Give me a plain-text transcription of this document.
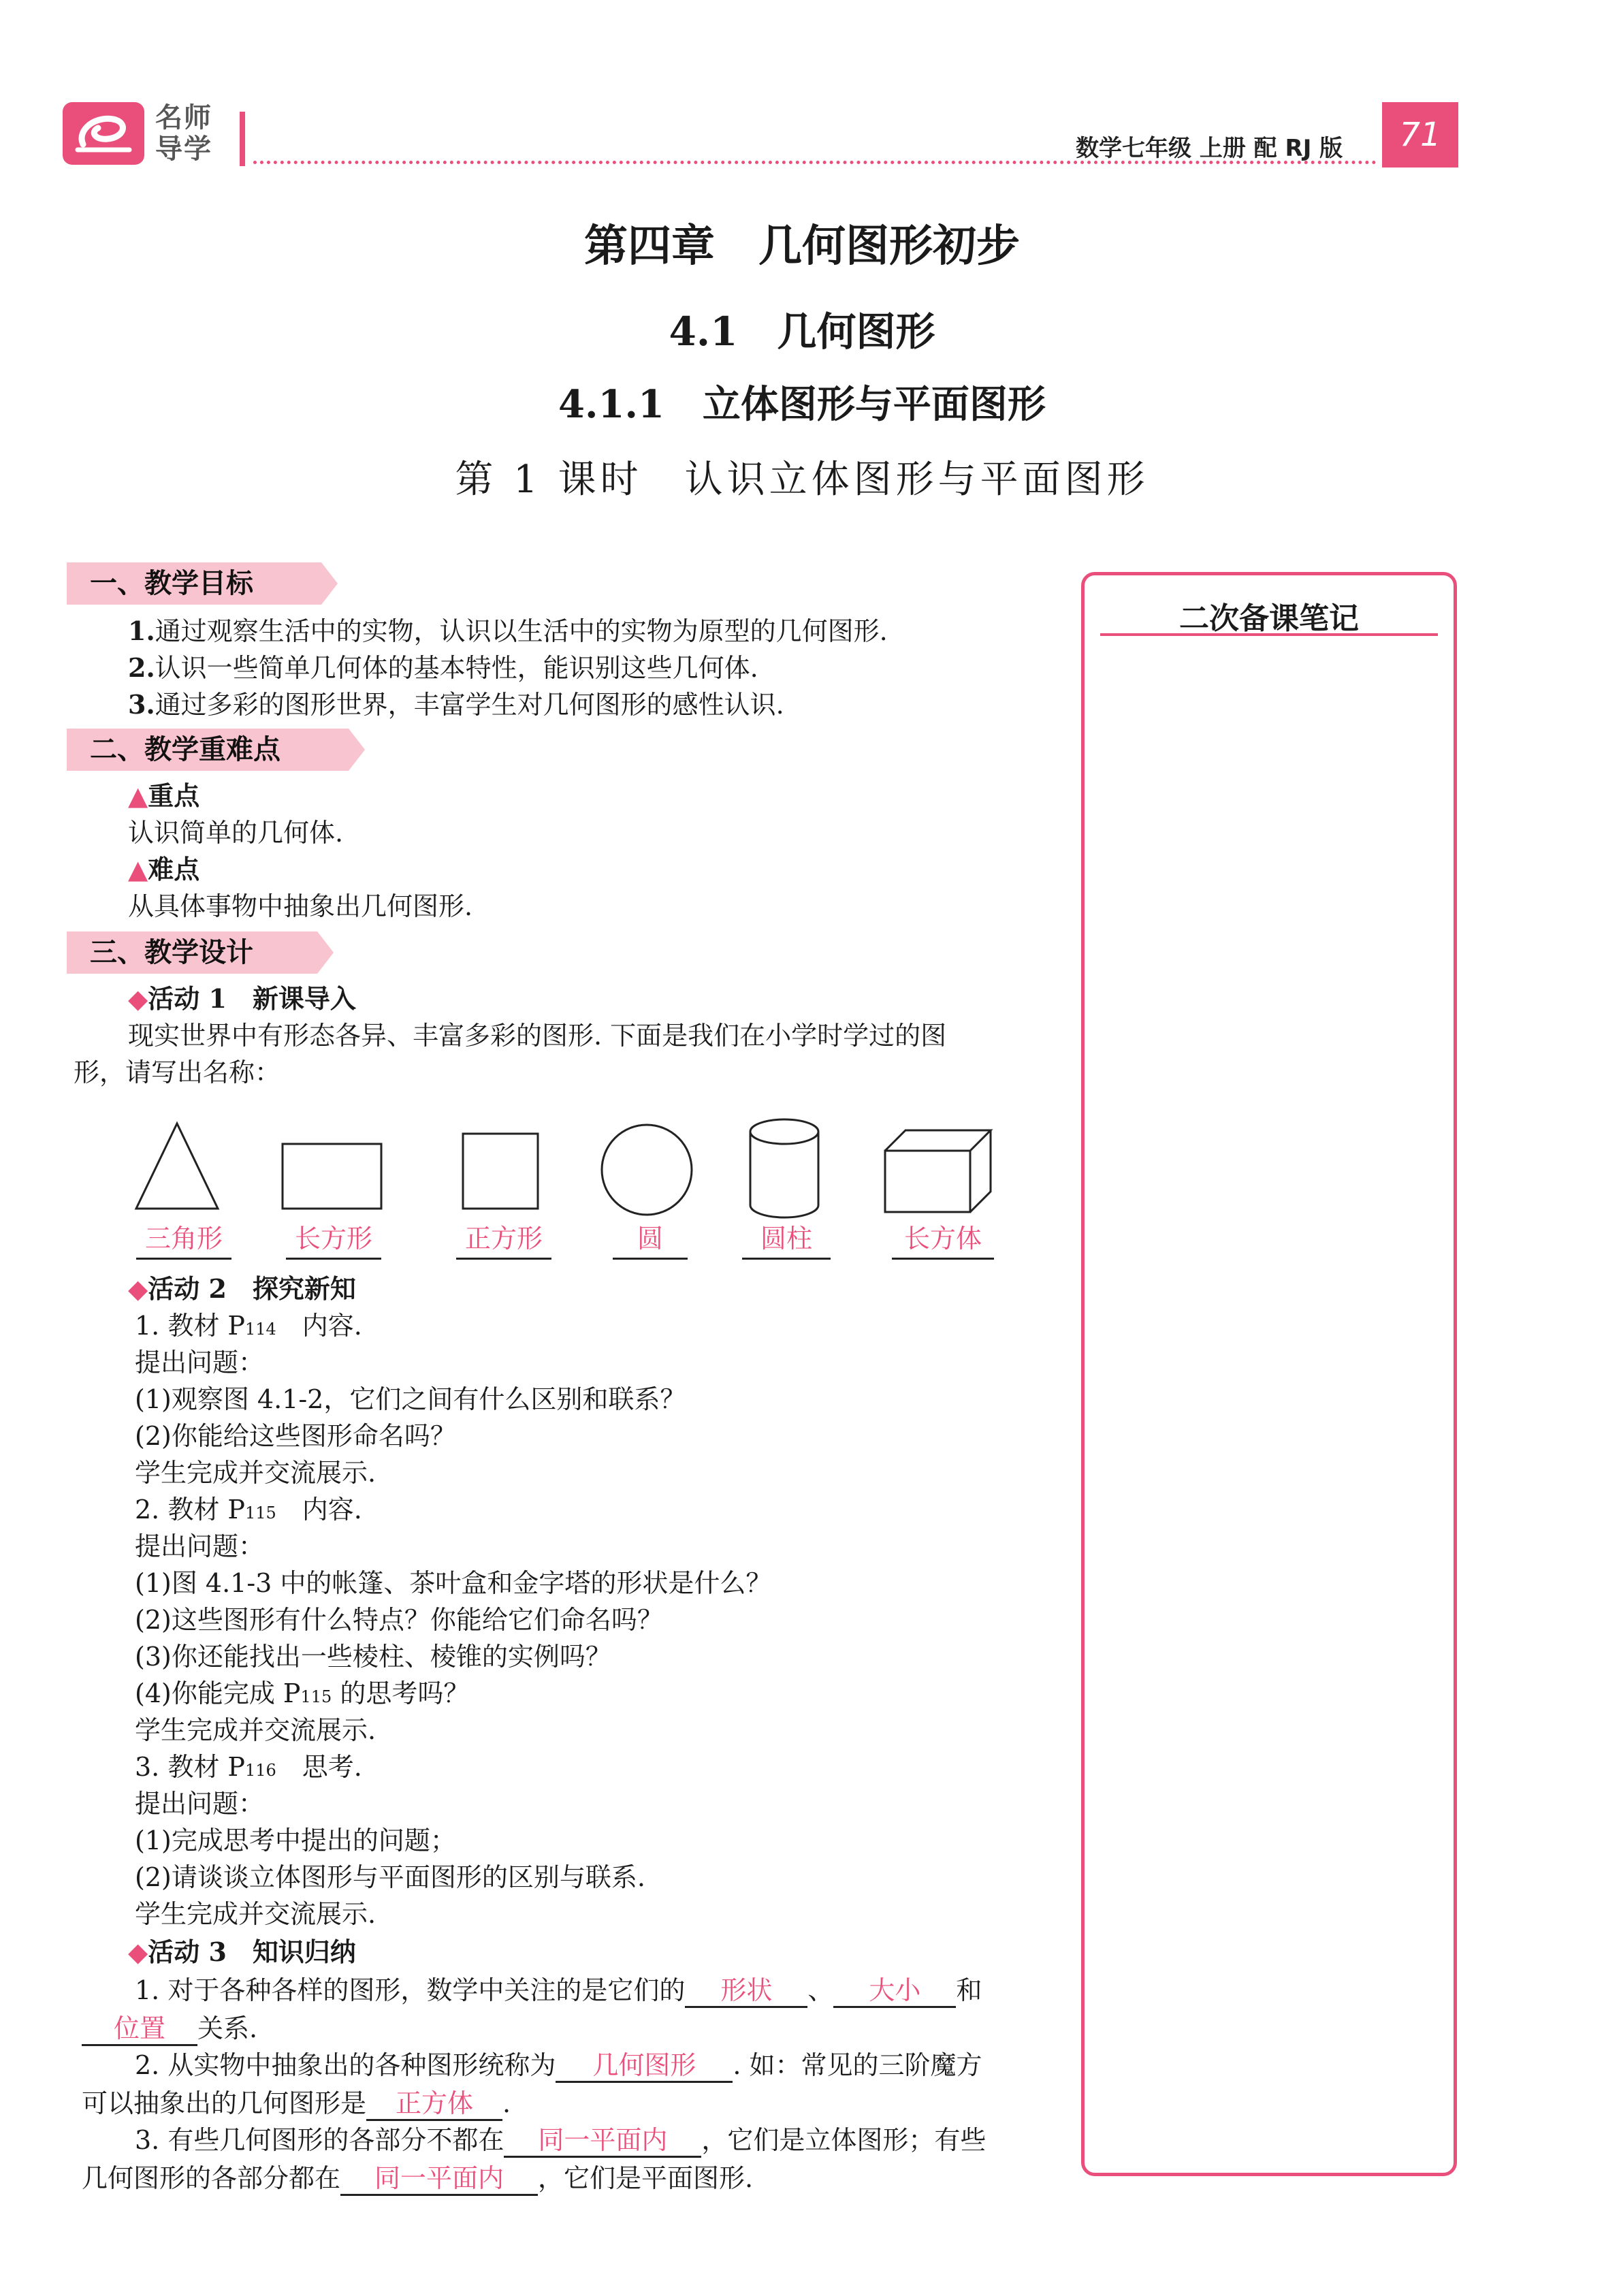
名师
导学	数学七年级 上册 配 RJ 版	71
第四章　几何图形初步
4.1　几何图形
4.1.1　立体图形与平面图形
第 1 课时　认识立体图形与平面图形
二次备课笔记
一、教学目标
1.通过观察生活中的实物，认识以生活中的实物为原型的几何图形.
2.认识一些简单几何体的基本特性，能识别这些几何体.
3.通过多彩的图形世界，丰富学生对几何图形的感性认识.
二、教学重难点
▲重点
认识简单的几何体.
▲难点
从具体事物中抽象出几何图形.
三、教学设计
◆活动 1　新课导入
现实世界中有形态各异、丰富多彩的图形. 下面是我们在小学时学过的图
形，请写出名称：
三角形	长方形	正方形	圆	圆柱	长方体
◆活动 2　探究新知
1. 教材 P114　内容.
提出问题：
(1)观察图 4.1-2，它们之间有什么区别和联系？
(2)你能给这些图形命名吗？
学生完成并交流展示.
2. 教材 P115　内容.
提出问题：
(1)图 4.1-3 中的帐篷、茶叶盒和金字塔的形状是什么？
(2)这些图形有什么特点？你能给它们命名吗？
(3)你还能找出一些棱柱、棱锥的实例吗？
(4)你能完成 P115 的思考吗？
学生完成并交流展示.
3. 教材 P116　思考.
提出问题：
(1)完成思考中提出的问题；
(2)请谈谈立体图形与平面图形的区别与联系.
学生完成并交流展示.
◆活动 3　知识归纳
1. 对于各种各样的图形，数学中关注的是它们的 形状 、 大小 和
位置 关系.
2. 从实物中抽象出的各种图形统称为 几何图形 . 如：常见的三阶魔方
可以抽象出的几何图形是 正方体 .
3. 有些几何图形的各部分不都在 同一平面内 ，它们是立体图形；有些
几何图形的各部分都在 同一平面内 ，它们是平面图形.
